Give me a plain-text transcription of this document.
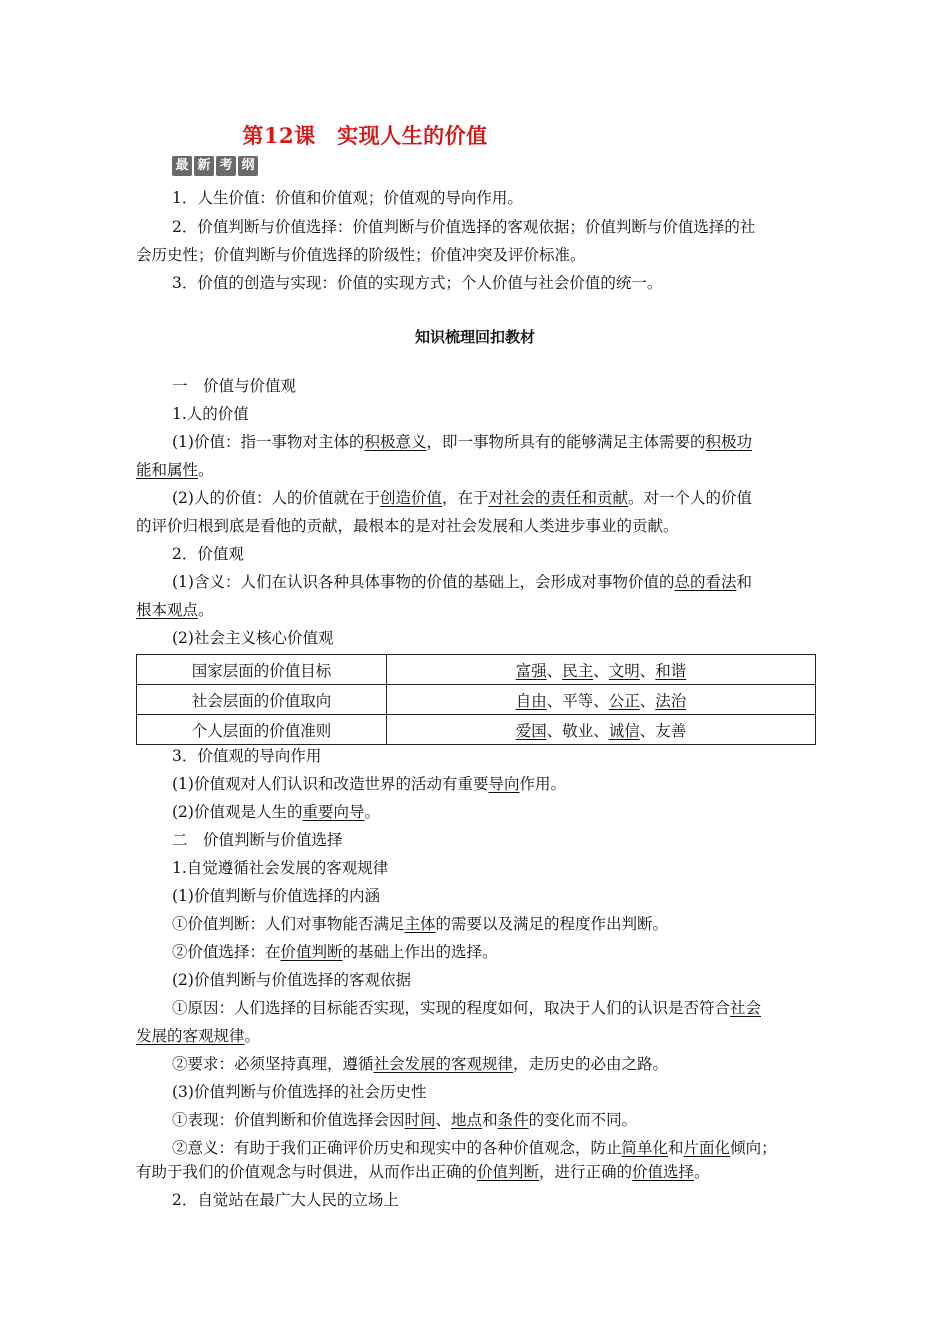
第12课　实现人生的价值
最 新 考 纲
1．人生价值：价值和价值观；价值观的导向作用。
2．价值判断与价值选择：价值判断与价值选择的客观依据；价值判断与价值选择的社
会历史性；价值判断与价值选择的阶级性；价值冲突及评价标准。
3．价值的创造与实现：价值的实现方式；个人价值与社会价值的统一。
知识梳理回扣教材
一　价值与价值观
1.人的价值
(1)价值：指一事物对主体的积极意义，即一事物所具有的能够满足主体需要的积极功
能和属性。
(2)人的价值：人的价值就在于创造价值，在于对社会的责任和贡献。对一个人的价值
的评价归根到底是看他的贡献，最根本的是对社会发展和人类进步事业的贡献。
2．价值观
(1)含义：人们在认识各种具体事物的价值的基础上，会形成对事物价值的总的看法和
根本观点。
(2)社会主义核心价值观
国家层面的价值目标	富强、民主、文明、和谐
社会层面的价值取向	自由、平等、公正、法治
个人层面的价值准则	爱国、敬业、诚信、友善
3．价值观的导向作用
(1)价值观对人们认识和改造世界的活动有重要导向作用。
(2)价值观是人生的重要向导。
二　价值判断与价值选择
1.自觉遵循社会发展的客观规律
(1)价值判断与价值选择的内涵
①价值判断：人们对事物能否满足主体的需要以及满足的程度作出判断。
②价值选择：在价值判断的基础上作出的选择。
(2)价值判断与价值选择的客观依据
①原因：人们选择的目标能否实现，实现的程度如何，取决于人们的认识是否符合社会
发展的客观规律。
②要求：必须坚持真理，遵循社会发展的客观规律，走历史的必由之路。
(3)价值判断与价值选择的社会历史性
①表现：价值判断和价值选择会因时间、地点和条件的变化而不同。
②意义：有助于我们正确评价历史和现实中的各种价值观念，防止简单化和片面化倾向；
有助于我们的价值观念与时俱进，从而作出正确的价值判断，进行正确的价值选择。
2．自觉站在最广大人民的立场上
